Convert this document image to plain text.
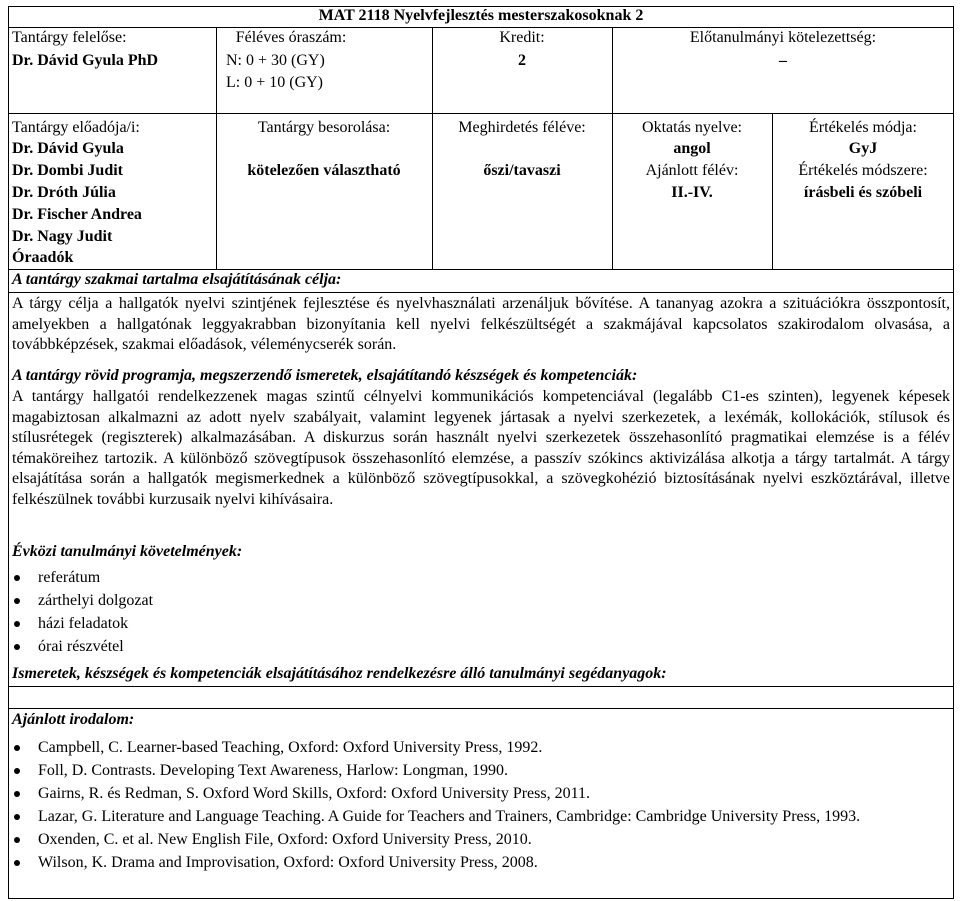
MAT 2118 Nyelvfejlesztés mesterszakosoknak 2
Tantárgy felelőse:
Dr. Dávid Gyula PhD
Féléves óraszám:
N: 0 + 30 (GY)
L: 0 + 10 (GY)
Kredit:
2
Előtanulmányi kötelezettség:
–
Tantárgy előadója/i:
Dr. Dávid Gyula
Dr. Dombi Judit
Dr. Dróth Júlia
Dr. Fischer Andrea
Dr. Nagy Judit
Óraadók
Tantárgy besorolása:
kötelezően választható
Meghirdetés féléve:
őszi/tavaszi
Oktatás nyelve:
angol
Ajánlott félév:
II.-IV.
Értékelés módja:
GyJ
Értékelés módszere:
írásbeli és szóbeli
A tantárgy szakmai tartalma elsajátításának célja:
A tárgy célja a hallgatók nyelvi szintjének fejlesztése és nyelvhasználati arzenáljuk bővítése. A tananyag azokra a szituációkra összpontosít, amelyekben a hallgatónak leggyakrabban bizonyítania kell nyelvi felkészültségét a szakmájával kapcsolatos szakirodalom olvasása, a továbbképzések, szakmai előadások, véleménycserék során.
A tantárgy rövid programja, megszerzendő ismeretek, elsajátítandó készségek és kompetenciák:
A tantárgy hallgatói rendelkezzenek magas szintű célnyelvi kommunikációs kompetenciával (legalább C1-es szinten), legyenek képesek magabiztosan alkalmazni az adott nyelv szabályait, valamint legyenek jártasak a nyelvi szerkezetek, a lexémák, kollokációk, stílusok és stílusrétegek (regiszterek) alkalmazásában. A diskurzus során használt nyelvi szerkezetek összehasonlító pragmatikai elemzése is a félév témaköreihez tartozik. A különböző szövegtípusok összehasonlító elemzése, a passzív szókincs aktivizálása alkotja a tárgy tartalmát. A tárgy elsajátítása során a hallgatók megismerkednek a különböző szövegtípusokkal, a szövegkohézió biztosításának nyelvi eszköztárával, illetve felkészülnek további kurzusaik nyelvi kihívásaira.
Évközi tanulmányi követelmények:
referátum
zárthelyi dolgozat
házi feladatok
órai részvétel
Ismeretek, készségek és kompetenciák elsajátításához rendelkezésre álló tanulmányi segédanyagok:
Ajánlott irodalom:
Campbell, C. Learner-based Teaching, Oxford: Oxford University Press, 1992.
Foll, D. Contrasts. Developing Text Awareness, Harlow: Longman, 1990.
Gairns, R. és Redman, S. Oxford Word Skills, Oxford: Oxford University Press, 2011.
Lazar, G. Literature and Language Teaching. A Guide for Teachers and Trainers, Cambridge: Cambridge University Press, 1993.
Oxenden, C. et al. New English File, Oxford: Oxford University Press, 2010.
Wilson, K. Drama and Improvisation, Oxford: Oxford University Press, 2008.
